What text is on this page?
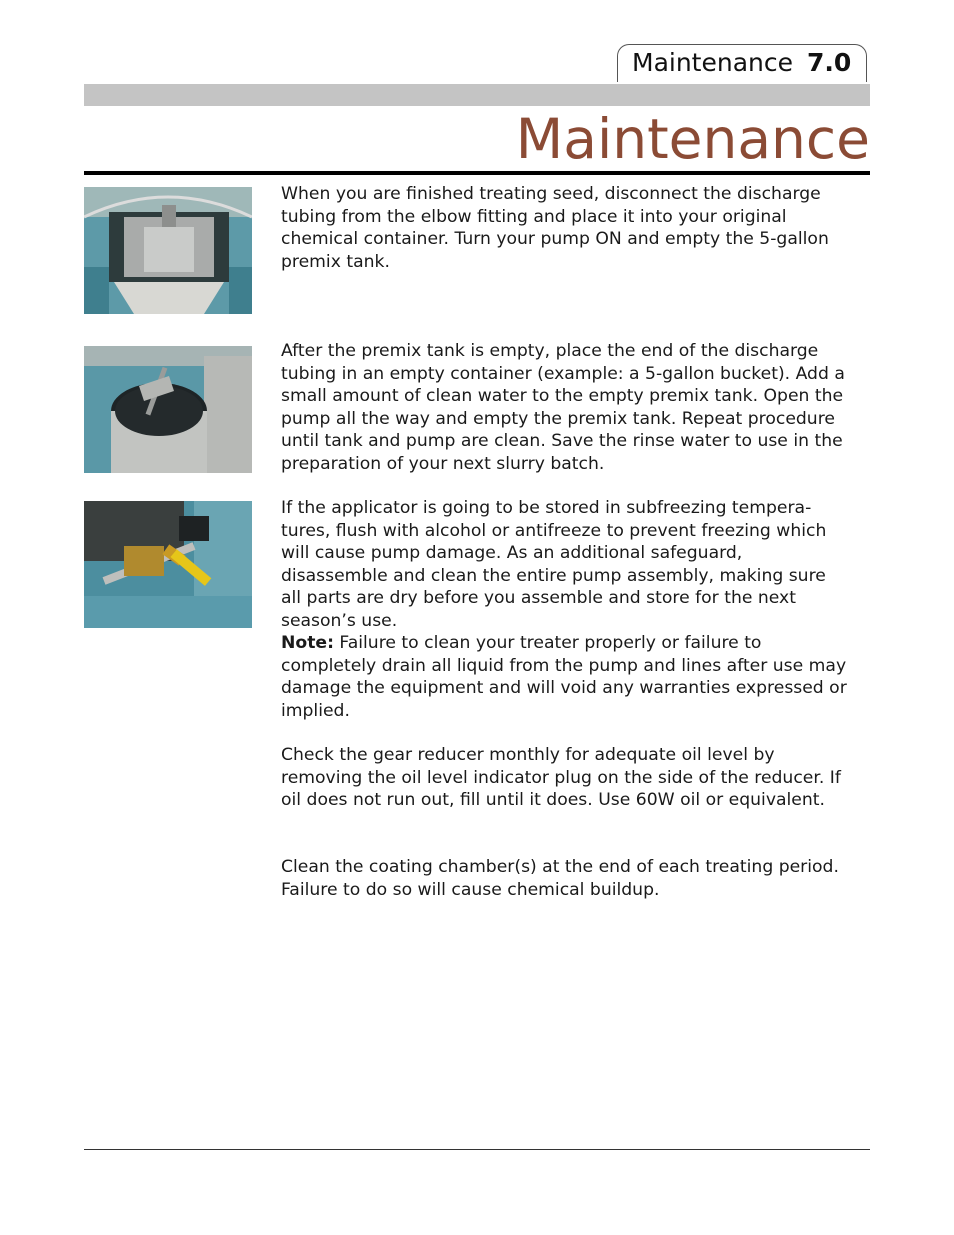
Maintenance 7.0
Maintenance
When you are finished treating seed, disconnect the discharge tubing from the elbow fitting and place it into your original chemical container. Turn your pump ON and empty the 5-gallon premix tank.
After the premix tank is empty, place the end of the discharge tubing in an empty container (example: a 5-gallon bucket). Add a small amount of clean water to the empty premix tank. Open the pump all the way and empty the premix tank. Repeat procedure until tank and pump are clean. Save the rinse water to use in the preparation of your next slurry batch.
If the applicator is going to be stored in subfreezing tempera-tures, flush with alcohol or antifreeze to prevent freezing which will cause pump damage. As an additional safeguard, disassemble and clean the entire pump assembly, making sure all parts are dry before you assemble and store for the next season’s use.

Note: Failure to clean your treater properly or failure to completely drain all liquid from the pump and lines after use may damage the equipment and will void any warranties expressed or implied.

Check the gear reducer monthly for adequate oil level by removing the oil level indicator plug on the side of the reducer. If oil does not run out, fill until it does. Use 60W oil or equivalent.
Clean the coating chamber(s) at the end of each treating period. Failure to do so will cause chemical buildup.
